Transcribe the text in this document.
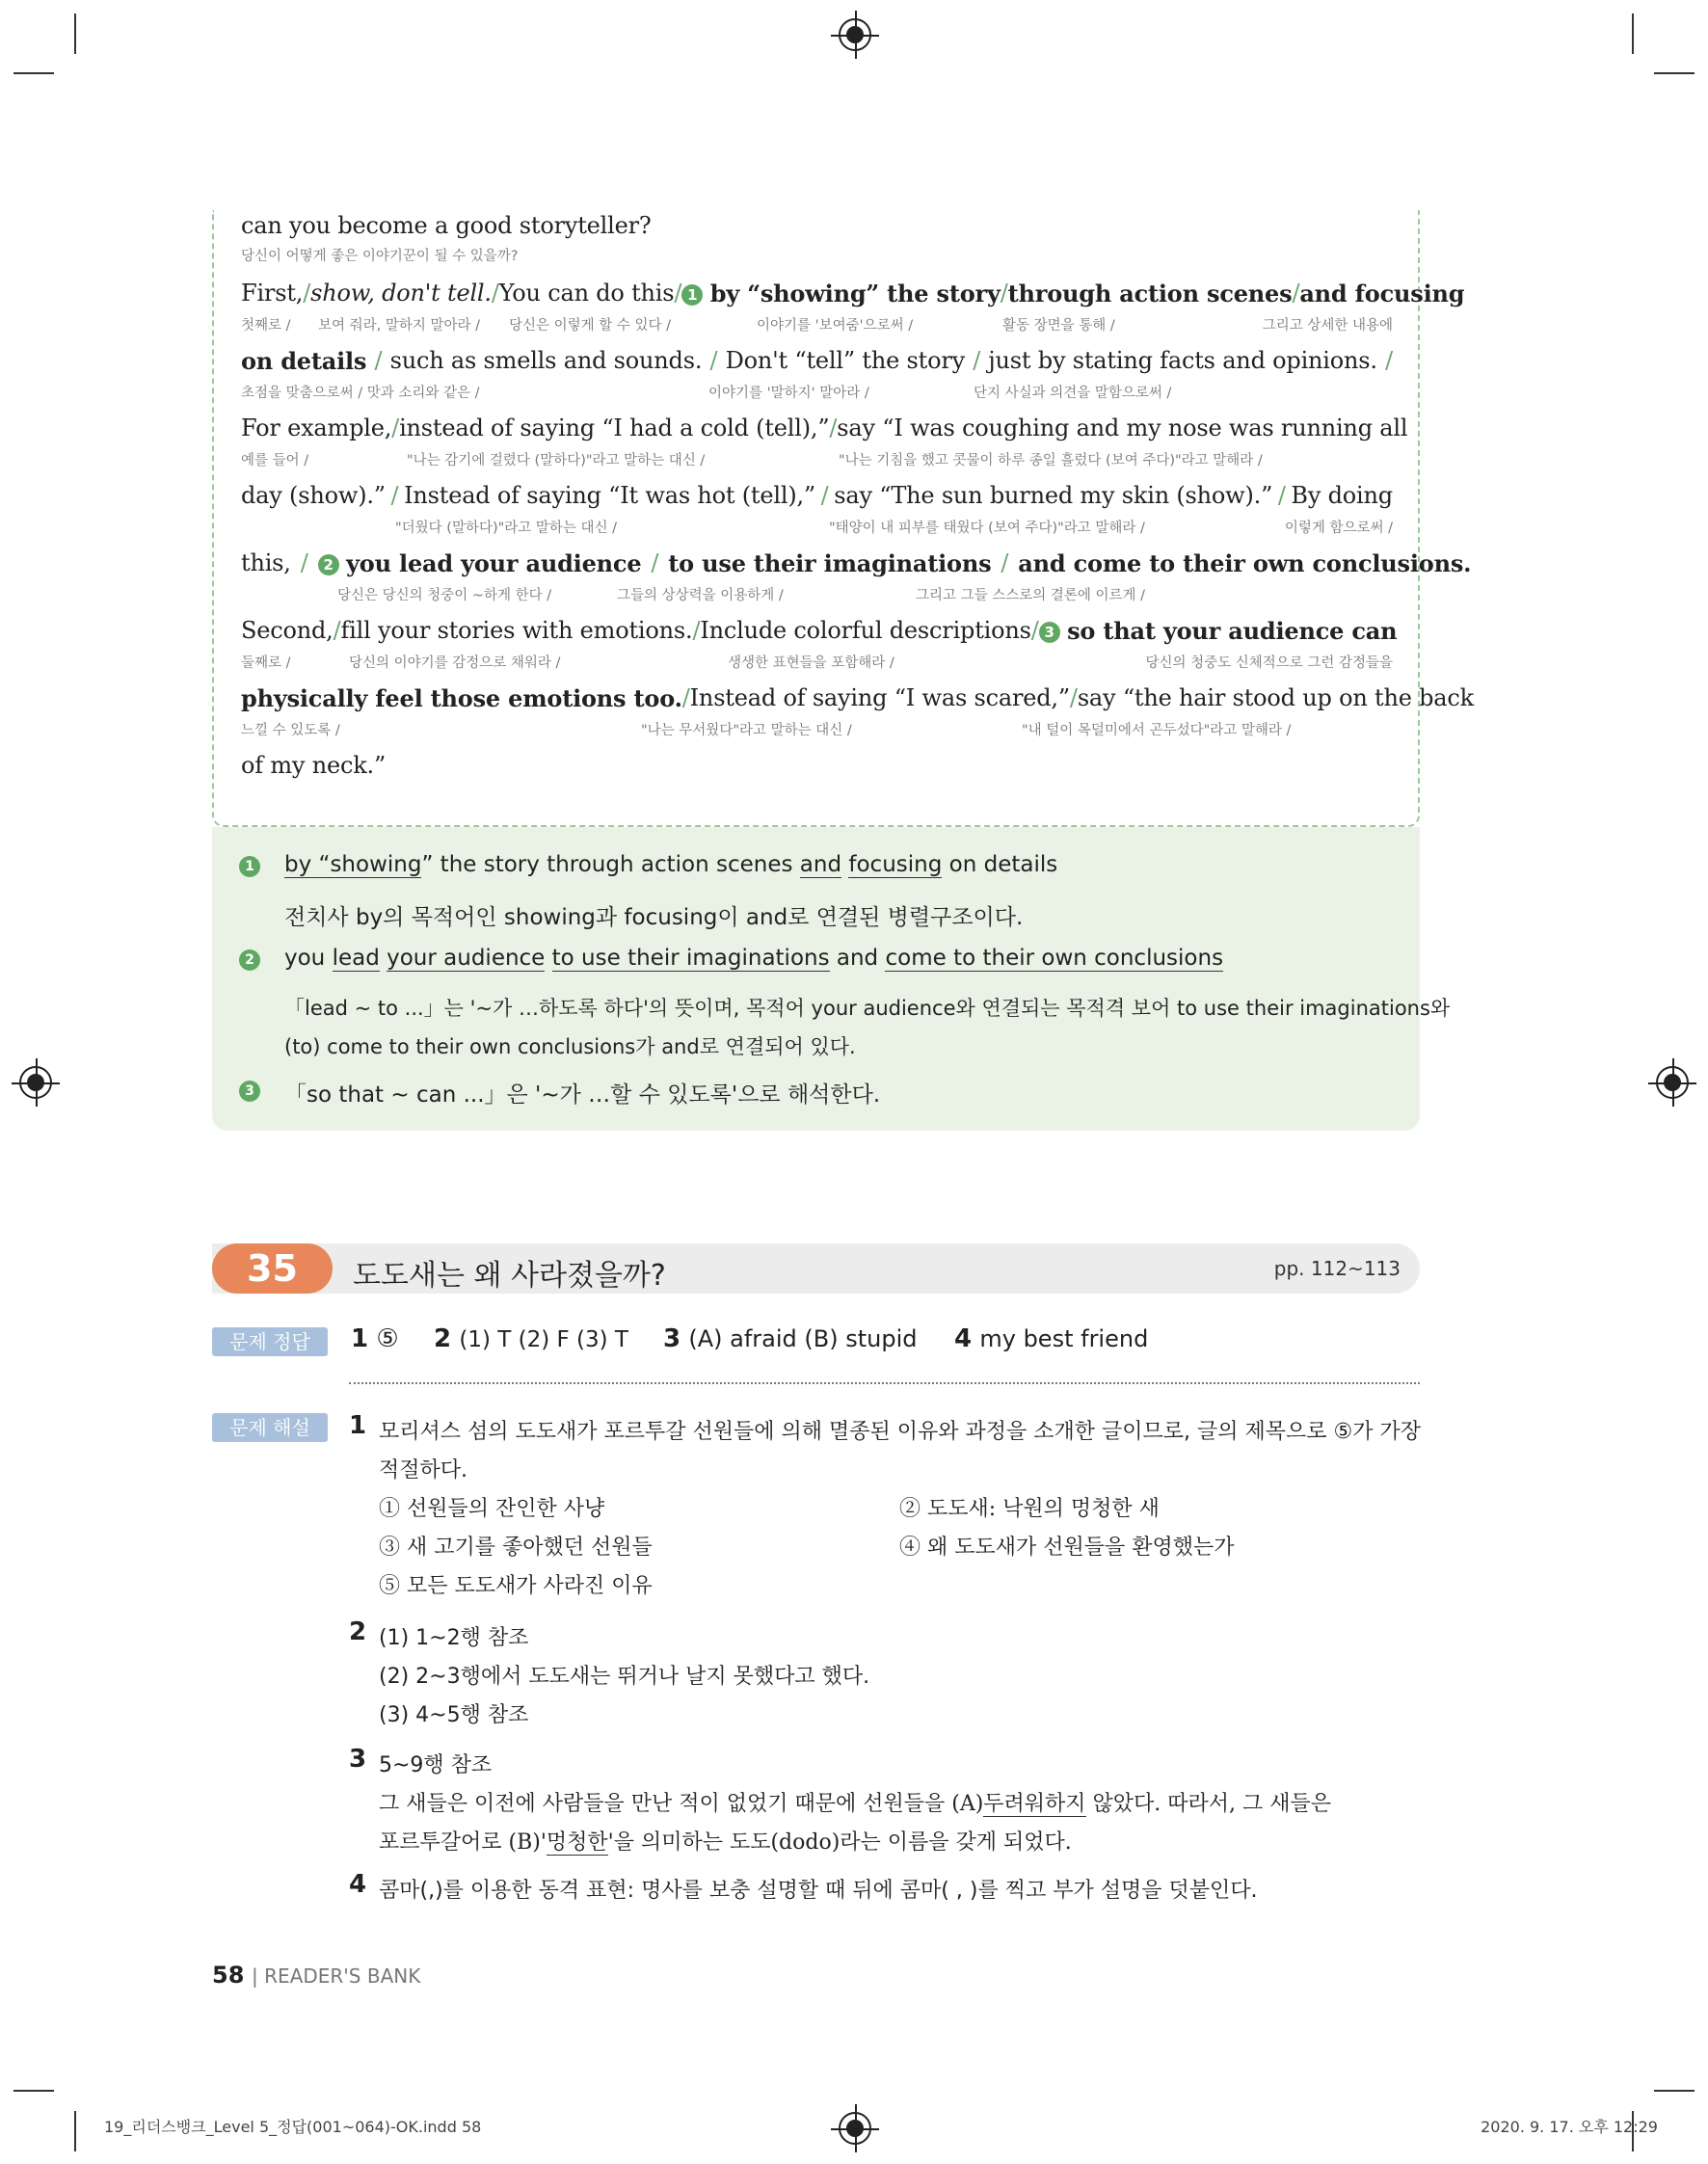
can you become a good storyteller?
당신이 어떻게 좋은 이야기꾼이 될 수 있을까?
First, / show, don't tell. / You can do this / 1 by “showing” the story / through action scenes / and focusing
첫째로 / 보여 줘라, 말하지 말아라 / 당신은 이렇게 할 수 있다 /	이야기를 '보여줌'으로써 /	활동 장면을 통해 /	그리고 상세한 내용에
on details / such as smells and sounds. / Don't “tell” the story / just by stating facts and opinions. /
초점을 맞춤으로써 / 맛과 소리와 같은 /	이야기를 '말하지' 말아라 /	단지 사실과 의견을 말함으로써 /
For example, / instead of saying “I had a cold (tell),” / say “I was coughing and my nose was running all
예를 들어 /	"나는 감기에 걸렸다 (말하다)"라고 말하는 대신 /	"나는 기침을 했고 콧물이 하루 종일 흘렀다 (보여 주다)"라고 말해라 /
day (show).” / Instead of saying “It was hot (tell),” / say “The sun burned my skin (show).” / By doing
"더웠다 (말하다)"라고 말하는 대신 /	"태양이 내 피부를 태웠다 (보여 주다)"라고 말해라 /	이렇게 함으로써 /
this, /	2 you lead your audience / to use their imaginations / and come to their own conclusions.
당신은 당신의 청중이 ~하게 한다 /	그들의 상상력을 이용하게 /	그리고 그들 스스로의 결론에 이르게 /
Second, / fill your stories with emotions. / Include colorful descriptions / 3 so that your audience can
둘째로 /	당신의 이야기를 감정으로 채워라 /	생생한 표현들을 포함해라 /	당신의 청중도 신체적으로 그런 감정들을
physically feel those emotions too. / Instead of saying “I was scared,” / say “the hair stood up on the back
느낄 수 있도록 /	"나는 무서웠다"라고 말하는 대신 /	"내 털이 목덜미에서 곤두섰다"라고 말해라 /
of my neck.”
1 by “showing” the story through action scenes and focusing on details
전치사 by의 목적어인 showing과 focusing이 and로 연결된 병렬구조이다.
2 you lead your audience to use their imaginations and come to their own conclusions
「lead ~ to ...」는 '~가 …하도록 하다'의 뜻이며, 목적어 your audience와 연결되는 목적격 보어 to use their imaginations와
(to) come to their own conclusions가 and로 연결되어 있다.
3 「so that ~ can ...」은 '~가 …할 수 있도록'으로 해석한다.
35	도도새는 왜 사라졌을까?	pp. 112~113
문제 정답	1 ⑤ 2 (1) T (2) F (3) T 3 (A) afraid (B) stupid 4 my best friend
문제 해설	1 모리셔스 섬의 도도새가 포르투갈 선원들에 의해 멸종된 이유와 과정을 소개한 글이므로, 글의 제목으로 ⑤가 가장
적절하다.
① 선원들의 잔인한 사냥	② 도도새: 낙원의 멍청한 새
③ 새 고기를 좋아했던 선원들	④ 왜 도도새가 선원들을 환영했는가
⑤ 모든 도도새가 사라진 이유
2 (1) 1~2행 참조
(2) 2~3행에서 도도새는 뛰거나 날지 못했다고 했다.
(3) 4~5행 참조
3 5~9행 참조
그 새들은 이전에 사람들을 만난 적이 없었기 때문에 선원들을 (A)두려워하지 않았다. 따라서, 그 새들은
포르투갈어로 (B)'멍청한'을 의미하는 도도(dodo)라는 이름을 갖게 되었다.
4 콤마(,)를 이용한 동격 표현: 명사를 보충 설명할 때 뒤에 콤마( , )를 찍고 부가 설명을 덧붙인다.
58 | READER'S BANK
19_리더스뱅크_Level 5_정답(001~064)-OK.indd 58	2020. 9. 17. 오후 12:29
